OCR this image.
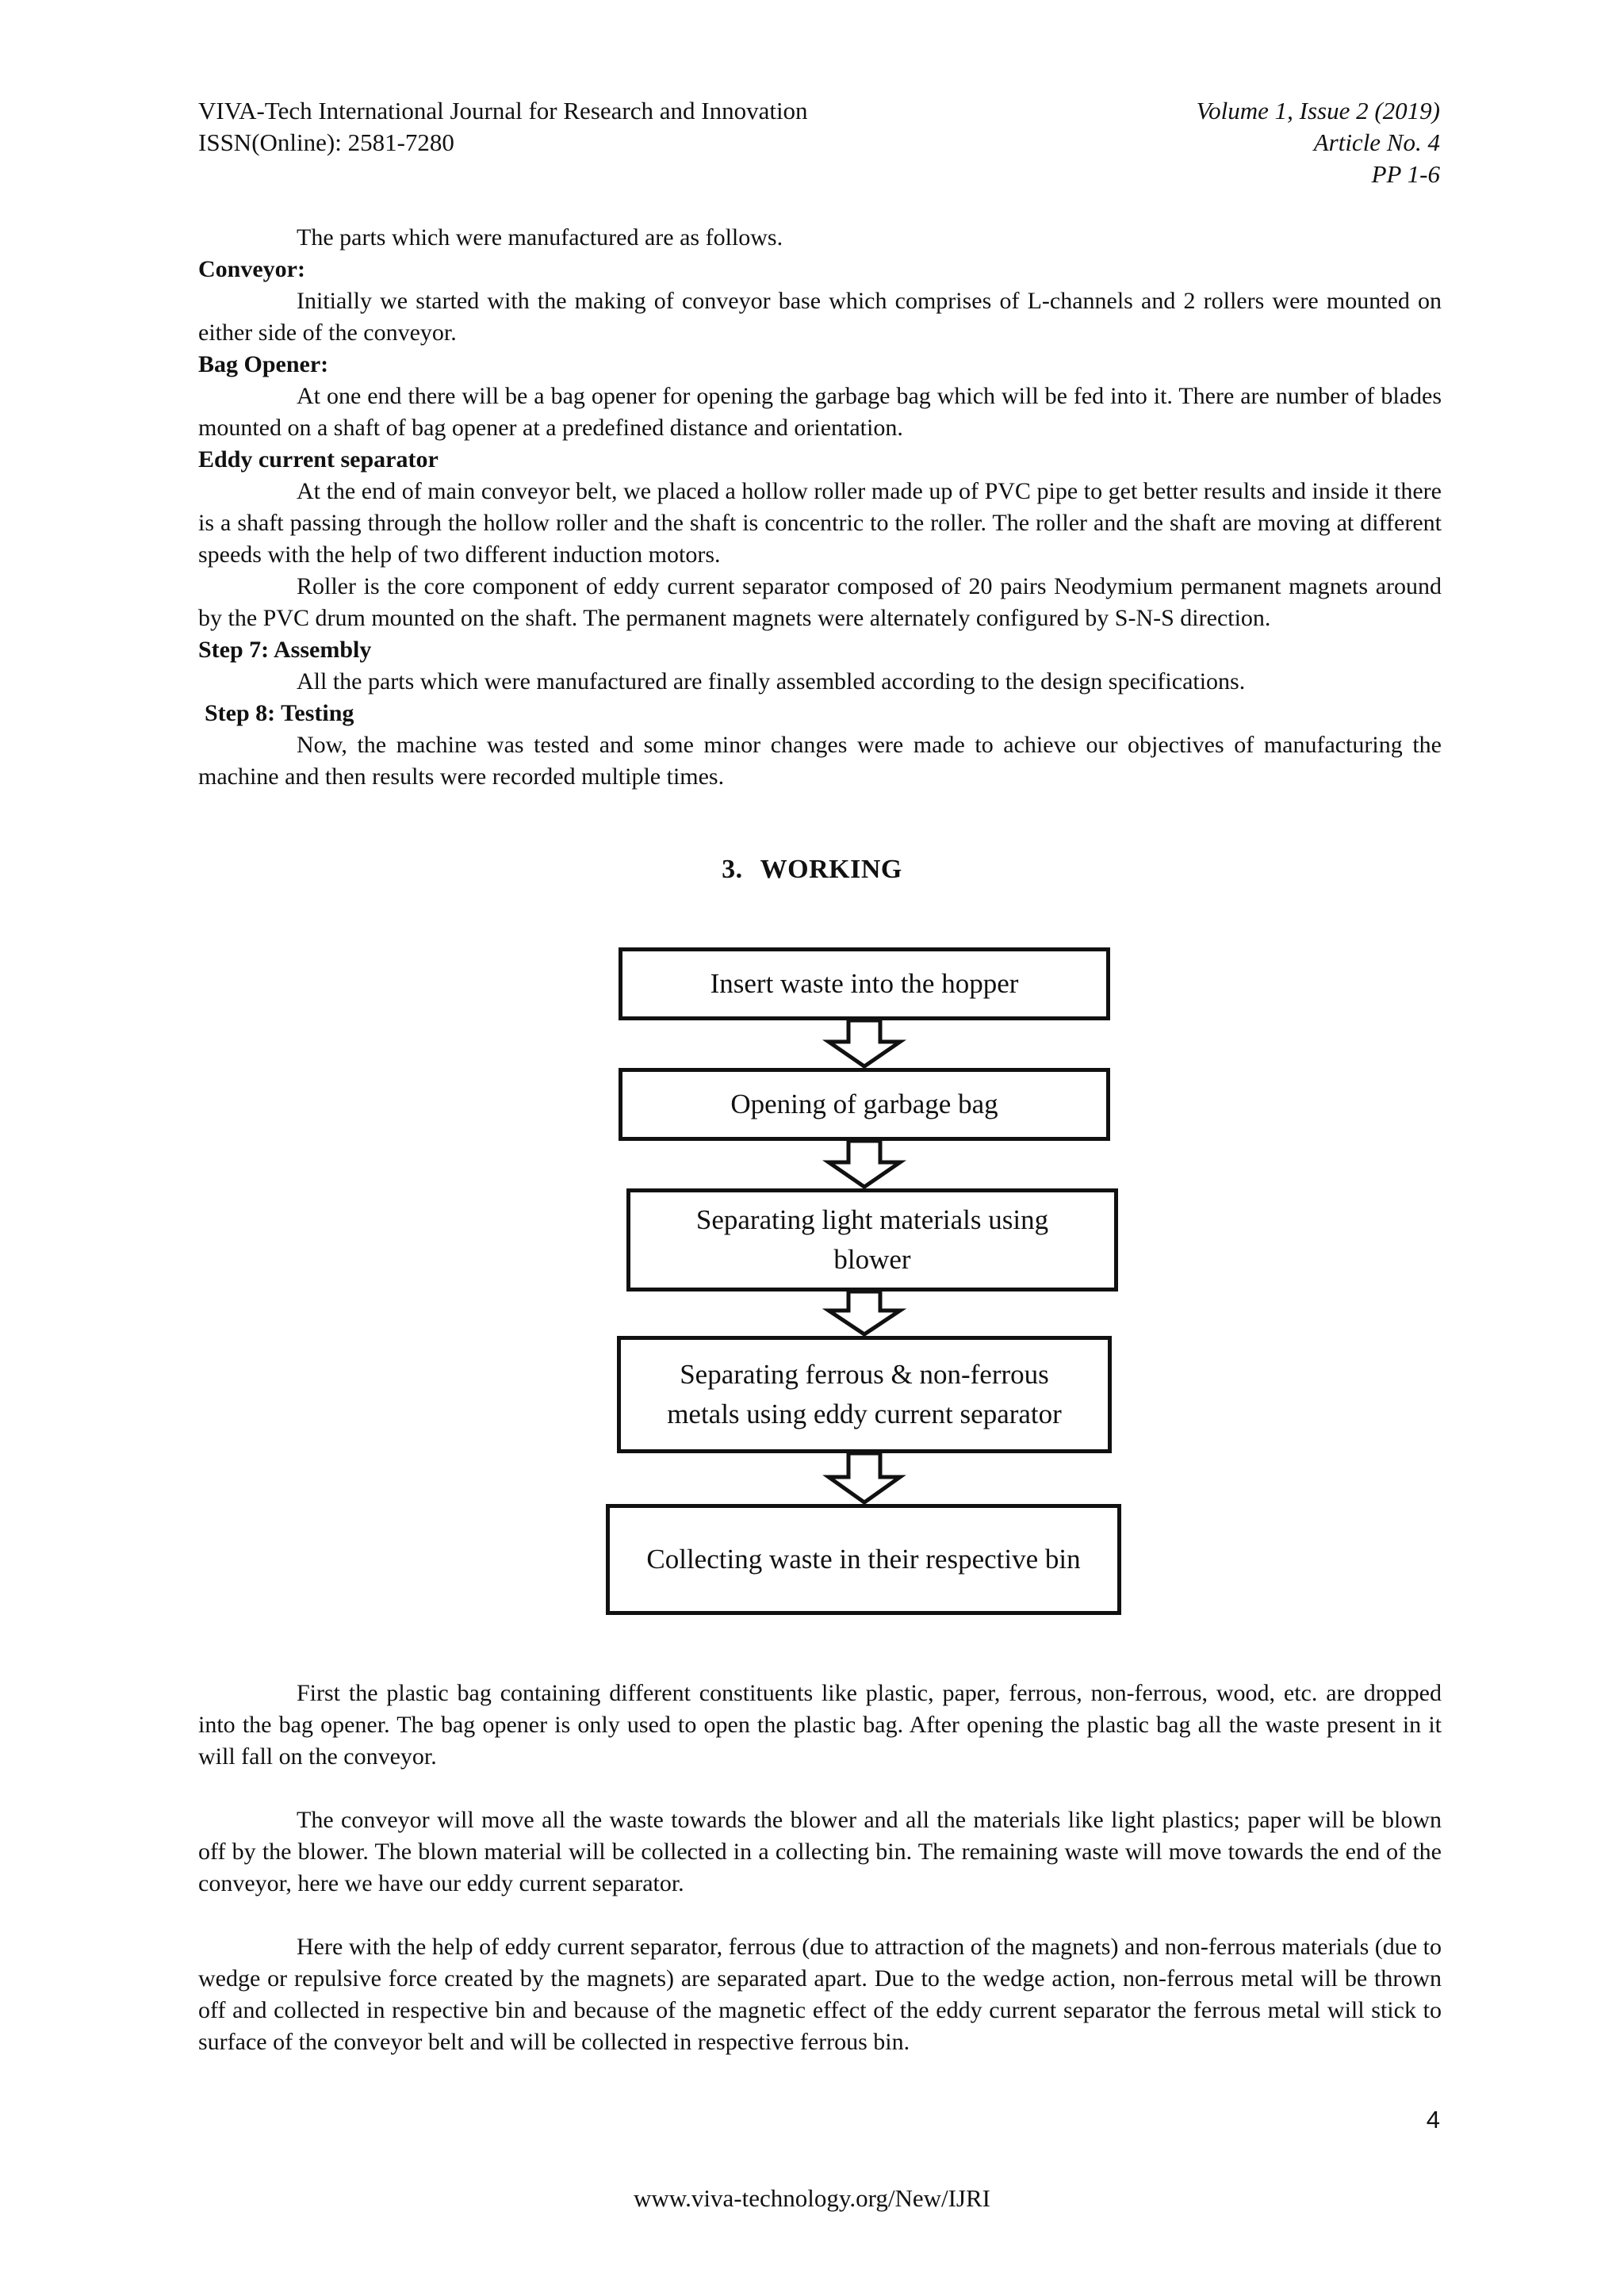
VIVA-Tech International Journal for Research and Innovation
ISSN(Online): 2581-7280
Volume 1, Issue 2 (2019)
Article No. 4
PP 1-6

The parts which were manufactured are as follows.

Conveyor:

Initially we started with the making of conveyor base which comprises of L-channels and 2 rollers were mounted on either side of the conveyor.

Bag Opener:

At one end there will be a bag opener for opening the garbage bag which will be fed into it. There are number of blades mounted on a shaft of bag opener at a predefined distance and orientation.

Eddy current separator

At the end of main conveyor belt, we placed a hollow roller made up of PVC pipe to get better results and inside it there is a shaft passing through the hollow roller and the shaft is concentric to the roller. The roller and the shaft are moving at different speeds with the help of two different induction motors.

Roller is the core component of eddy current separator composed of 20 pairs Neodymium permanent magnets around by the PVC drum mounted on the shaft. The permanent magnets were alternately configured by S-N-S direction.

Step 7: Assembly

All the parts which were manufactured are finally assembled according to the design specifications.

Step 8: Testing

Now, the machine was tested and some minor changes were made to achieve our objectives of manufacturing the machine and then results were recorded multiple times.

3. WORKING
Insert waste into the hopper
Opening of garbage bag
Separating light materials using blower
Separating ferrous & non-ferrous metals using eddy current separator
Collecting waste in their respective bin

First the plastic bag containing different constituents like plastic, paper, ferrous, non-ferrous, wood, etc. are dropped into the bag opener. The bag opener is only used to open the plastic bag. After opening the plastic bag all the waste present in it will fall on the conveyor.

The conveyor will move all the waste towards the blower and all the materials like light plastics; paper will be blown off by the blower. The blown material will be collected in a collecting bin. The remaining waste will move towards the end of the conveyor, here we have our eddy current separator.

Here with the help of eddy current separator, ferrous (due to attraction of the magnets) and non-ferrous materials (due to wedge or repulsive force created by the magnets) are separated apart. Due to the wedge action, non-ferrous metal will be thrown off and collected in respective bin and because of the magnetic effect of the eddy current separator the ferrous metal will stick to surface of the conveyor belt and will be collected in respective ferrous bin.

4
www.viva-technology.org/New/IJRI
